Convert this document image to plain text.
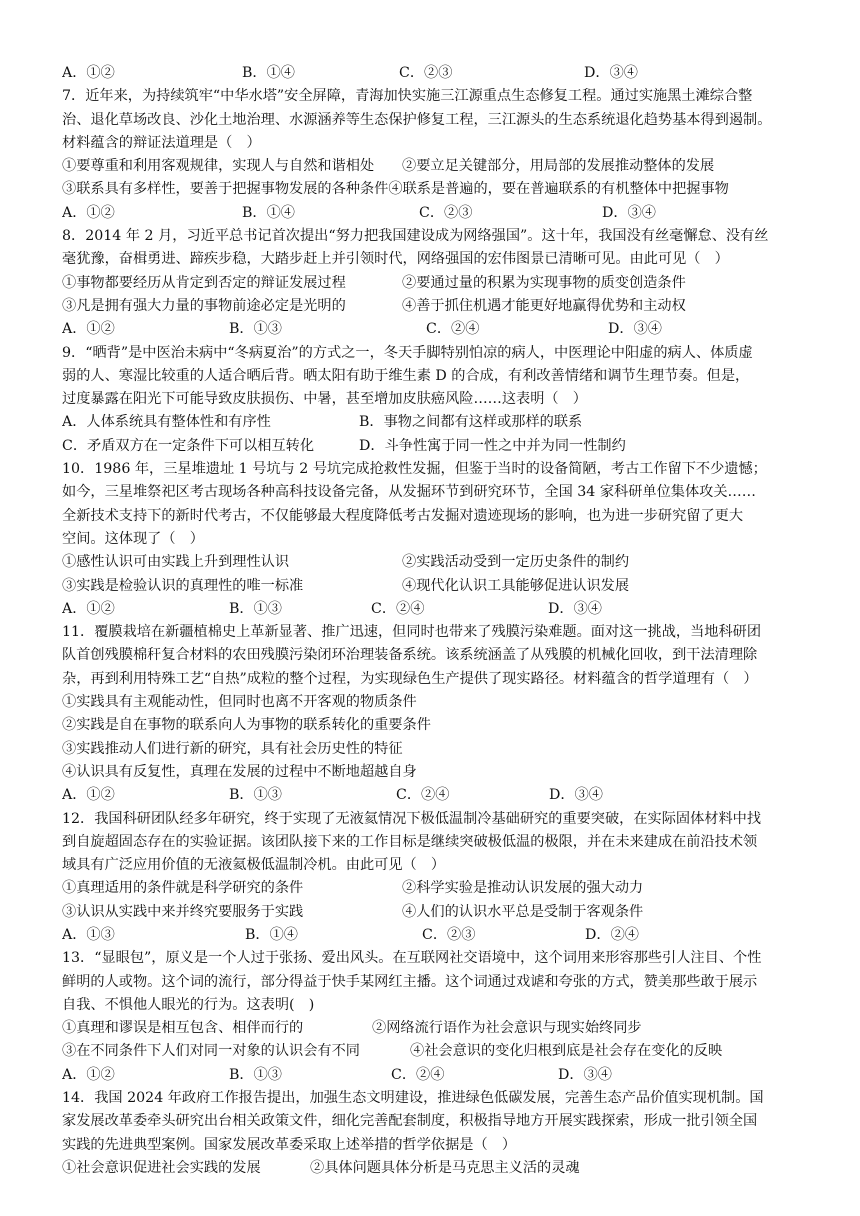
A．①②	B．①④	C．②③	D．③④
7．近年来，为持续筑牢“中华水塔”安全屏障，青海加快实施三江源重点生态修复工程。通过实施黑土滩综合整
治、退化草场改良、沙化土地治理、水源涵养等生态保护修复工程，三江源头的生态系统退化趋势基本得到遏制。
材料蕴含的辩证法道理是（　）
①要尊重和利用客观规律，实现人与自然和谐相处	②要立足关键部分，用局部的发展推动整体的发展
③联系具有多样性，要善于把握事物发展的各种条件④联系是普遍的，要在普遍联系的有机整体中把握事物
A．①②	B．①④	C．②③	D．③④
8．2014 年 2 月，习近平总书记首次提出“努力把我国建设成为网络强国”。这十年，我国没有丝毫懈怠、没有丝
毫犹豫，奋楫勇进、蹄疾步稳，大踏步赶上并引领时代，网络强国的宏伟图景已清晰可见。由此可见（　）
①事物都要经历从肯定到否定的辩证发展过程	②要通过量的积累为实现事物的质变创造条件
③凡是拥有强大力量的事物前途必定是光明的	④善于抓住机遇才能更好地赢得优势和主动权
A．①②	B．①③	C．②④	D．③④
9．“晒背”是中医治未病中“冬病夏治”的方式之一，冬天手脚特别怕凉的病人，中医理论中阳虚的病人、体质虚
弱的人、寒湿比较重的人适合晒后背。晒太阳有助于维生素 D 的合成，有利改善情绪和调节生理节奏。但是，
过度暴露在阳光下可能导致皮肤损伤、中暑，甚至增加皮肤癌风险……这表明（　）
A．人体系统具有整体性和有序性	B．事物之间都有这样或那样的联系
C．矛盾双方在一定条件下可以相互转化	D．斗争性寓于同一性之中并为同一性制约
10．1986 年，三星堆遗址 1 号坑与 2 号坑完成抢救性发掘，但鉴于当时的设备简陋，考古工作留下不少遗憾；
如今，三星堆祭祀区考古现场各种高科技设备完备，从发掘环节到研究环节，全国 34 家科研单位集体攻关……
全新技术支持下的新时代考古，不仅能够最大程度降低考古发掘对遗迹现场的影响，也为进一步研究留了更大
空间。这体现了（　）
①感性认识可由实践上升到理性认识	②实践活动受到一定历史条件的制约
③实践是检验认识的真理性的唯一标准	④现代化认识工具能够促进认识发展
A．①②	B．①③	C．②④	D．③④
11．覆膜栽培在新疆植棉史上革新显著、推广迅速，但同时也带来了残膜污染难题。面对这一挑战，当地科研团
队首创残膜棉秆复合材料的农田残膜污染闭环治理装备系统。该系统涵盖了从残膜的机械化回收，到干法清理除
杂，再到利用特殊工艺“自热”成粒的整个过程，为实现绿色生产提供了现实路径。材料蕴含的哲学道理有（　）
①实践具有主观能动性，但同时也离不开客观的物质条件
②实践是自在事物的联系向人为事物的联系转化的重要条件
③实践推动人们进行新的研究，具有社会历史性的特征
④认识具有反复性，真理在发展的过程中不断地超越自身
A．①②	B．①③	C．②④	D．③④
12．我国科研团队经多年研究，终于实现了无液氦情况下极低温制冷基础研究的重要突破，在实际固体材料中找
到自旋超固态存在的实验证据。该团队接下来的工作目标是继续突破极低温的极限，并在未来建成在前沿技术领
域具有广泛应用价值的无液氦极低温制冷机。由此可见（　）
①真理适用的条件就是科学研究的条件	②科学实验是推动认识发展的强大动力
③认识从实践中来并终究要服务于实践	④人们的认识水平总是受制于客观条件
A．①③	B．①④	C．②③	D．②④
13．“显眼包”，原义是一个人过于张扬、爱出风头。在互联网社交语境中，这个词用来形容那些引人注目、个性
鲜明的人或物。这个词的流行，部分得益于快手某网红主播。这个词通过戏谑和夸张的方式，赞美那些敢于展示
自我、不惧他人眼光的行为。这表明(　)
①真理和谬误是相互包含、相伴而行的	②网络流行语作为社会意识与现实始终同步
③在不同条件下人们对同一对象的认识会有不同	④社会意识的变化归根到底是社会存在变化的反映
A．①②	B．①③	C．②④	D．③④
14．我国 2024 年政府工作报告提出，加强生态文明建设，推进绿色低碳发展，完善生态产品价值实现机制。国
家发展改革委牵头研究出台相关政策文件，细化完善配套制度，积极指导地方开展实践探索，形成一批引领全国
实践的先进典型案例。国家发展改革委采取上述举措的哲学依据是（　）
①社会意识促进社会实践的发展	②具体问题具体分析是马克思主义活的灵魂
